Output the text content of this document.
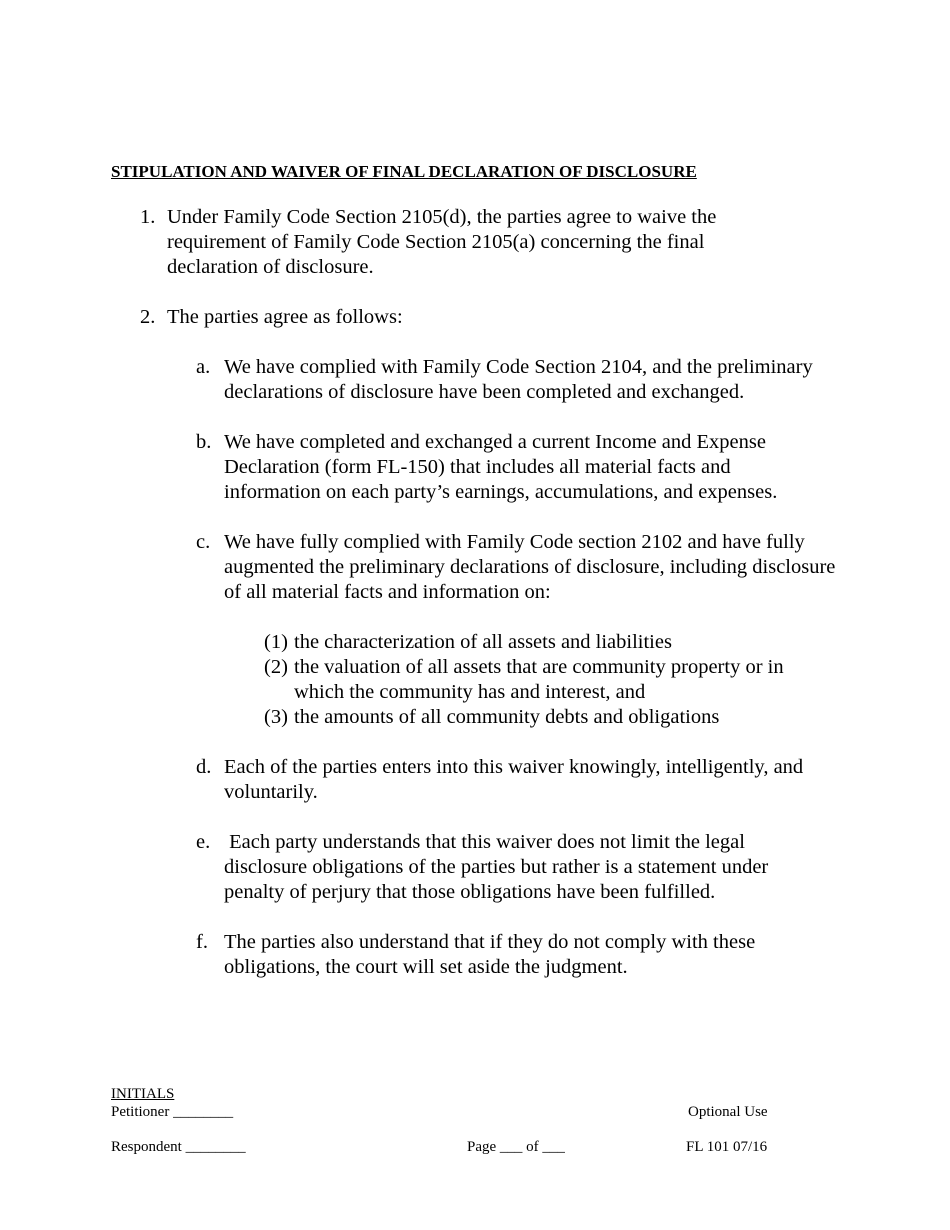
STIPULATION AND WAIVER OF FINAL DECLARATION OF DISCLOSURE
1. Under Family Code Section 2105(d), the parties agree to waive the requirement of Family Code Section 2105(a) concerning the final declaration of disclosure.
2. The parties agree as follows:
a. We have complied with Family Code Section 2104, and the preliminary declarations of disclosure have been completed and exchanged.
b. We have completed and exchanged a current Income and Expense Declaration (form FL-150) that includes all material facts and information on each party’s earnings, accumulations, and expenses.
c. We have fully complied with Family Code section 2102 and have fully augmented the preliminary declarations of disclosure, including disclosure of all material facts and information on:
(1) the characterization of all assets and liabilities
(2) the valuation of all assets that are community property or in which the community has and interest, and
(3) the amounts of all community debts and obligations
d. Each of the parties enters into this waiver knowingly, intelligently, and voluntarily.
e. Each party understands that this waiver does not limit the legal disclosure obligations of the parties but rather is a statement under penalty of perjury that those obligations have been fulfilled.
f. The parties also understand that if they do not comply with these obligations, the court will set aside the judgment.
INITIALS
Petitioner ________
Respondent ________	Page ___ of ___
Optional Use
FL 101 07/16
